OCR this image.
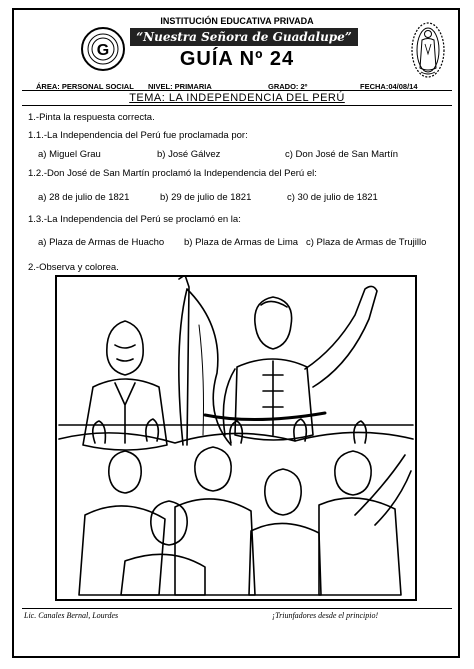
G
INSTITUCIÓN EDUCATIVA PRIVADA
“Nuestra Señora de Guadalupe”
GUÍA Nº 24
ÁREA: PERSONAL SOCIAL NIVEL: PRIMARIA	GRADO: 2º	FECHA:04/08/14
TEMA: LA INDEPENDENCIA DEL PERÚ
1.-Pinta la respuesta correcta.
1.1.-La Independencia del Perú fue proclamada por:
a) Miguel Grau	b) José Gálvez	c) Don José de San Martín
1.2.-Don José de San Martín proclamó la Independencia del Perú el:
a) 28 de julio de 1821	b) 29 de julio de 1821	c) 30 de julio de 1821
1.3.-La Independencia del Perú se proclamó en la:
a) Plaza de Armas de Huacho b) Plaza de Armas de Lima c) Plaza de Armas de Trujillo
2.-Observa y colorea.
Lic. Canales Bernal, Lourdes	¡Triunfadores desde el principio!
